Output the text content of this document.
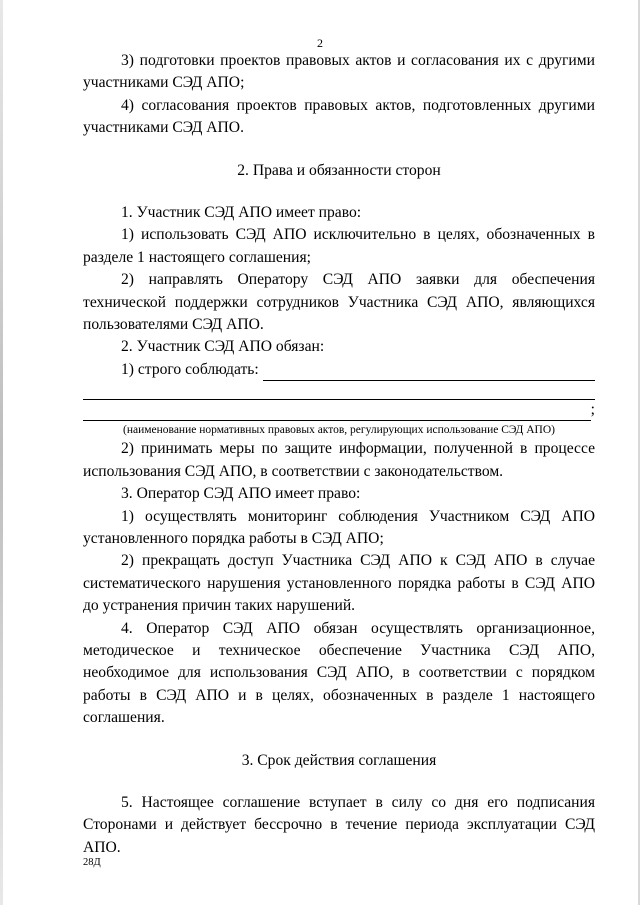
2

3) подготовки проектов правовых актов и согласования их с другими участниками СЭД АПО;

4) согласования проектов правовых актов, подготовленных другими участниками СЭД АПО.

2. Права и обязанности сторон

1. Участник СЭД АПО имеет право:

1) использовать СЭД АПО исключительно в целях, обозначенных в разделе 1 настоящего соглашения;

2) направлять Оператору СЭД АПО заявки для обеспечения технической поддержки сотрудников Участника СЭД АПО, являющихся пользователями СЭД АПО.

2. Участник СЭД АПО обязан:

1) строго соблюдать:
;

(наименование нормативных правовых актов, регулирующих использование СЭД АПО)

2) принимать меры по защите информации, полученной в процессе использования СЭД АПО, в соответствии с законодательством.

3. Оператор СЭД АПО имеет право:

1) осуществлять мониторинг соблюдения Участником СЭД АПО установленного порядка работы в СЭД АПО;

2) прекращать доступ Участника СЭД АПО к СЭД АПО в случае систематического нарушения установленного порядка работы в СЭД АПО до устранения причин таких нарушений.

4. Оператор СЭД АПО обязан осуществлять организационное, методическое и техническое обеспечение Участника СЭД АПО, необходимое для использования СЭД АПО, в соответствии с порядком работы в СЭД АПО и в целях, обозначенных в разделе 1 настоящего соглашения.

3. Срок действия соглашения

5. Настоящее соглашение вступает в силу со дня его подписания Сторонами и действует бессрочно в течение периода эксплуатации СЭД АПО.

28Д
